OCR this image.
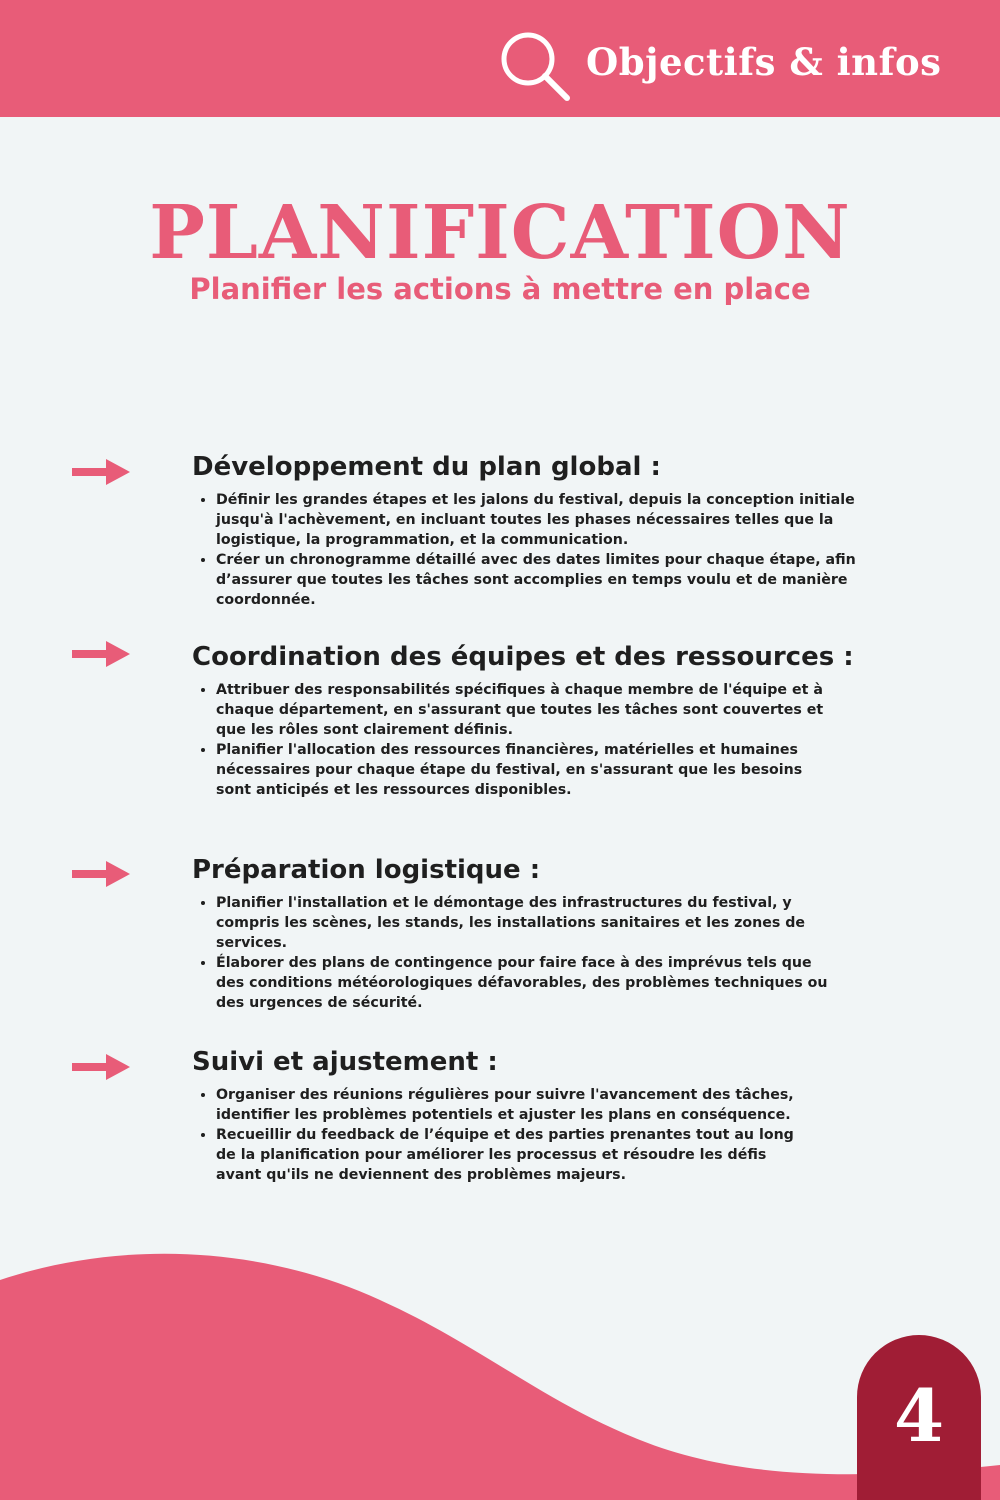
Objectifs & infos
PLANIFICATION
Planifier les actions à mettre en place
Développement du plan global :
• Définir les grandes étapes et les jalons du festival, depuis la conception initiale jusqu'à l'achèvement, en incluant toutes les phases nécessaires telles que la logistique, la programmation, et la communication.
• Créer un chronogramme détaillé avec des dates limites pour chaque étape, afin d’assurer que toutes les tâches sont accomplies en temps voulu et de manière coordonnée.
Coordination des équipes et des ressources :
• Attribuer des responsabilités spécifiques à chaque membre de l'équipe et à chaque département, en s'assurant que toutes les tâches sont couvertes et que les rôles sont clairement définis.
• Planifier l'allocation des ressources financières, matérielles et humaines nécessaires pour chaque étape du festival, en s'assurant que les besoins sont anticipés et les ressources disponibles.
Préparation logistique :
• Planifier l'installation et le démontage des infrastructures du festival, y compris les scènes, les stands, les installations sanitaires et les zones de services.
• Élaborer des plans de contingence pour faire face à des imprévus tels que des conditions météorologiques défavorables, des problèmes techniques ou des urgences de sécurité.
Suivi et ajustement :
• Organiser des réunions régulières pour suivre l'avancement des tâches, identifier les problèmes potentiels et ajuster les plans en conséquence.
• Recueillir du feedback de l’équipe et des parties prenantes tout au long de la planification pour améliorer les processus et résoudre les défis avant qu'ils ne deviennent des problèmes majeurs.
4
